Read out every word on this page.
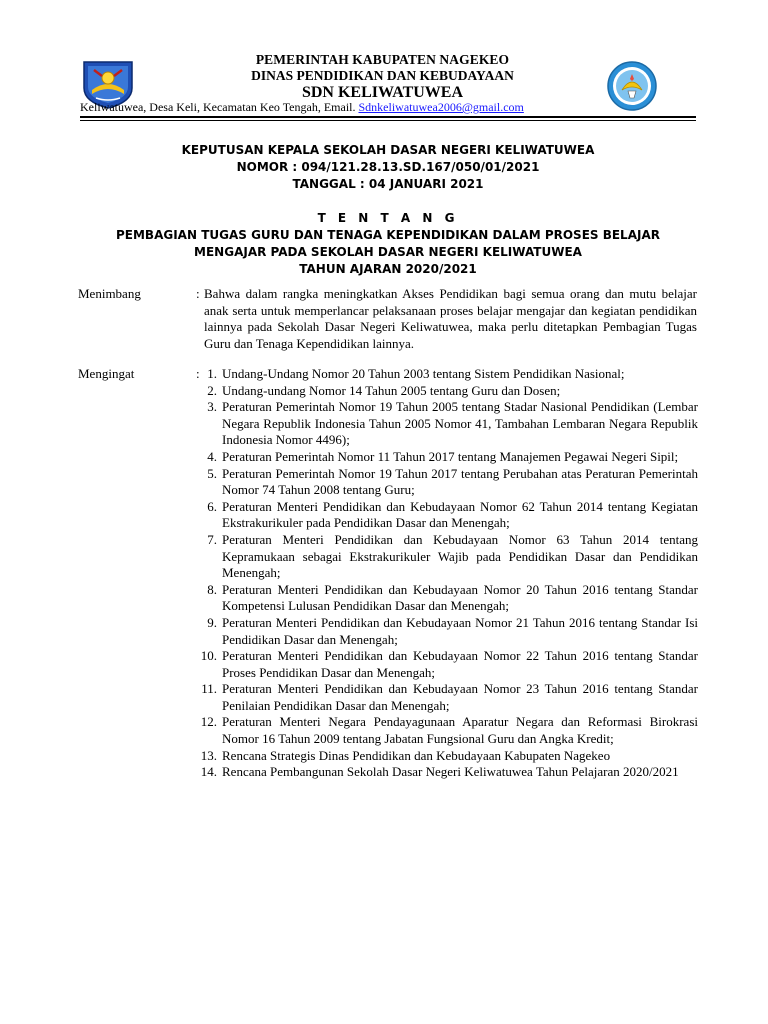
PEMERINTAH KABUPATEN NAGEKEO
DINAS PENDIDIKAN DAN KEBUDAYAAN
SDN KELIWATUWEA
Keliwatuwea, Desa Keli, Kecamatan Keo Tengah, Email. Sdnkeliwatuwea2006@gmail.com
KEPUTUSAN KEPALA SEKOLAH DASAR NEGERI KELIWATUWEA
NOMOR : 094/121.28.13.SD.167/050/01/2021
TANGGAL : 04 JANUARI 2021
T E N T A N G
PEMBAGIAN TUGAS GURU DAN TENAGA KEPENDIDIKAN DALAM PROSES BELAJAR
MENGAJAR PADA SEKOLAH DASAR NEGERI KELIWATUWEA
TAHUN AJARAN 2020/2021
Menimbang	: Bahwa dalam rangka meningkatkan Akses Pendidikan bagi semua orang dan mutu belajar anak serta untuk memperlancar pelaksanaan proses belajar mengajar dan kegiatan pendidikan lainnya pada Sekolah Dasar Negeri Keliwatuwea, maka perlu ditetapkan Pembagian Tugas Guru dan Tenaga Kependidikan lainnya.
Mengingat	: 1. Undang-Undang Nomor 20 Tahun 2003 tentang Sistem Pendidikan Nasional;
2. Undang-undang Nomor 14 Tahun 2005 tentang Guru dan Dosen;
3. Peraturan Pemerintah Nomor 19 Tahun 2005 tentang Stadar Nasional Pendidikan (Lembar Negara Republik Indonesia Tahun 2005 Nomor 41, Tambahan Lembaran Negara Republik Indonesia Nomor 4496);
4. Peraturan Pemerintah Nomor 11 Tahun 2017 tentang Manajemen Pegawai Negeri Sipil;
5. Peraturan Pemerintah Nomor 19 Tahun 2017 tentang Perubahan atas Peraturan Pemerintah Nomor 74 Tahun 2008 tentang Guru;
6. Peraturan Menteri Pendidikan dan Kebudayaan Nomor 62 Tahun 2014 tentang Kegiatan Ekstrakurikuler pada Pendidikan Dasar dan Menengah;
7. Peraturan Menteri Pendidikan dan Kebudayaan Nomor 63 Tahun 2014 tentang Kepramukaan sebagai Ekstrakurikuler Wajib pada Pendidikan Dasar dan Pendidikan Menengah;
8. Peraturan Menteri Pendidikan dan Kebudayaan Nomor 20 Tahun 2016 tentang Standar Kompetensi Lulusan Pendidikan Dasar dan Menengah;
9. Peraturan Menteri Pendidikan dan Kebudayaan Nomor 21 Tahun 2016 tentang Standar Isi Pendidikan Dasar dan Menengah;
10. Peraturan Menteri Pendidikan dan Kebudayaan Nomor 22 Tahun 2016 tentang Standar Proses Pendidikan Dasar dan Menengah;
11. Peraturan Menteri Pendidikan dan Kebudayaan Nomor 23 Tahun 2016 tentang Standar Penilaian Pendidikan Dasar dan Menengah;
12. Peraturan Menteri Negara Pendayagunaan Aparatur Negara dan Reformasi Birokrasi Nomor 16 Tahun 2009 tentang Jabatan Fungsional Guru dan Angka Kredit;
13. Rencana Strategis Dinas Pendidikan dan Kebudayaan Kabupaten Nagekeo
14. Rencana Pembangunan Sekolah Dasar Negeri Keliwatuwea Tahun Pelajaran 2020/2021
